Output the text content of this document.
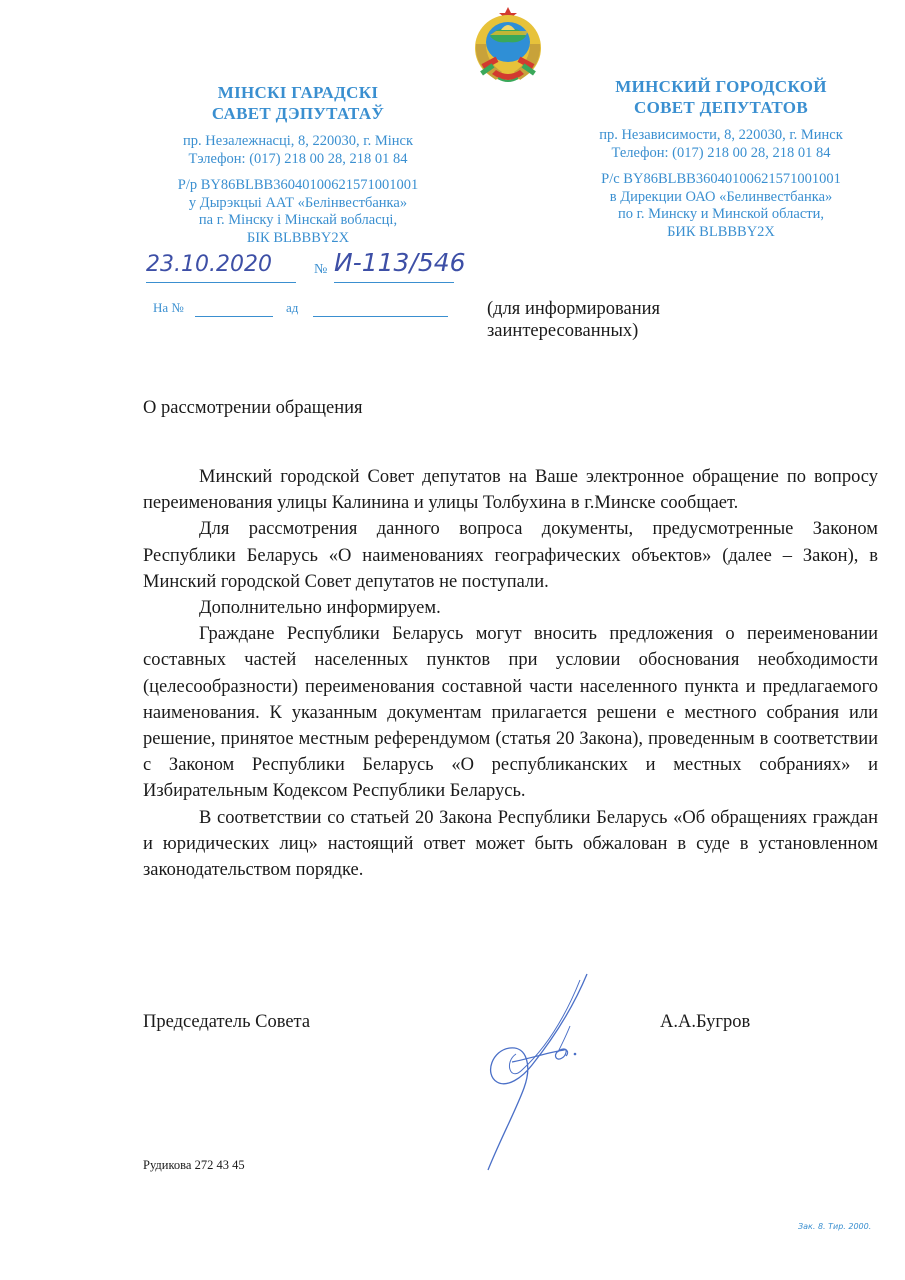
МІНСКІ ГАРАДСКІ
САВЕТ ДЭПУТАТАЎ
пр. Незалежнасці, 8, 220030, г. Мінск
Тэлефон: (017) 218 00 28, 218 01 84
Р/р BY86BLBB36040100621571001001
у Дырэкцыі ААТ «Белінвестбанка»
па г. Мінску і Мінскай вобласці,
БІК BLBBBY2X
МИНСКИЙ ГОРОДСКОЙ
СОВЕТ ДЕПУТАТОВ
пр. Независимости, 8, 220030, г. Минск
Телефон: (017) 218 00 28, 218 01 84
Р/с BY86BLBB36040100621571001001
в Дирекции ОАО «Белинвестбанка»
по г. Минску и Минской области,
БИК BLBBBY2X
23.10.2020	№ И-113/546
На №	ад	(для информирования
заинтересованных)
О рассмотрении обращения

Минский городской Совет депутатов на Ваше электронное обращение по вопросу переименования улицы Калинина и улицы Толбухина в г.Минске сообщает.

Для рассмотрения данного вопроса документы, предусмотренные Законом Республики Беларусь «О наименованиях географических объектов» (далее – Закон), в Минский городской Совет депутатов не поступали.

Дополнительно информируем.

Граждане Республики Беларусь могут вносить предложения о переименовании составных частей населенных пунктов при условии обоснования необходимости (целесообразности) переименования составной части населенного пункта и предлагаемого наименования. К указанным документам прилагается решени е местного собрания или решение, принятое местным референдумом (статья 20 Закона), проведенным в соответствии с Законом Республики Беларусь «О республиканских и местных собраниях» и Избирательным Кодексом Республики Беларусь.

В соответствии со статьей 20 Закона Республики Беларусь «Об обращениях граждан и юридических лиц» настоящий ответ может быть обжалован в суде в установленном законодательством порядке.

Председатель Совета	А.А.Бугров
Рудикова 272 43 45
Зак. 8. Тир. 2000.
